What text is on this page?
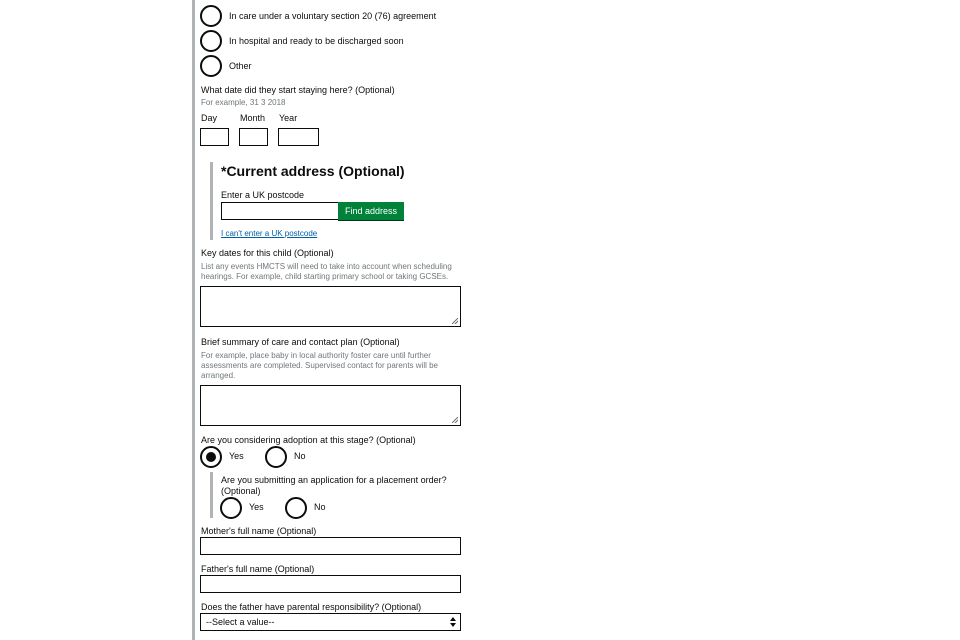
In care under a voluntary section 20 (76) agreement
In hospital and ready to be discharged soon
Other
What date did they start staying here? (Optional)
For example, 31 3 2018
Day	Month Year
*Current address (Optional)
Enter a UK postcode
Find address
I can't enter a UK postcode
Key dates for this child (Optional)
List any events HMCTS will need to take into account when scheduling hearings. For example, child starting primary school or taking GCSEs.
Brief summary of care and contact plan (Optional)
For example, place baby in local authority foster care until further assessments are completed. Supervised contact for parents will be arranged.
Are you considering adoption at this stage? (Optional)
Yes	No
Are you submitting an application for a placement order? (Optional)
Yes	No
Mother's full name (Optional)
Father's full name (Optional)
Does the father have parental responsibility? (Optional)
--Select a value--
